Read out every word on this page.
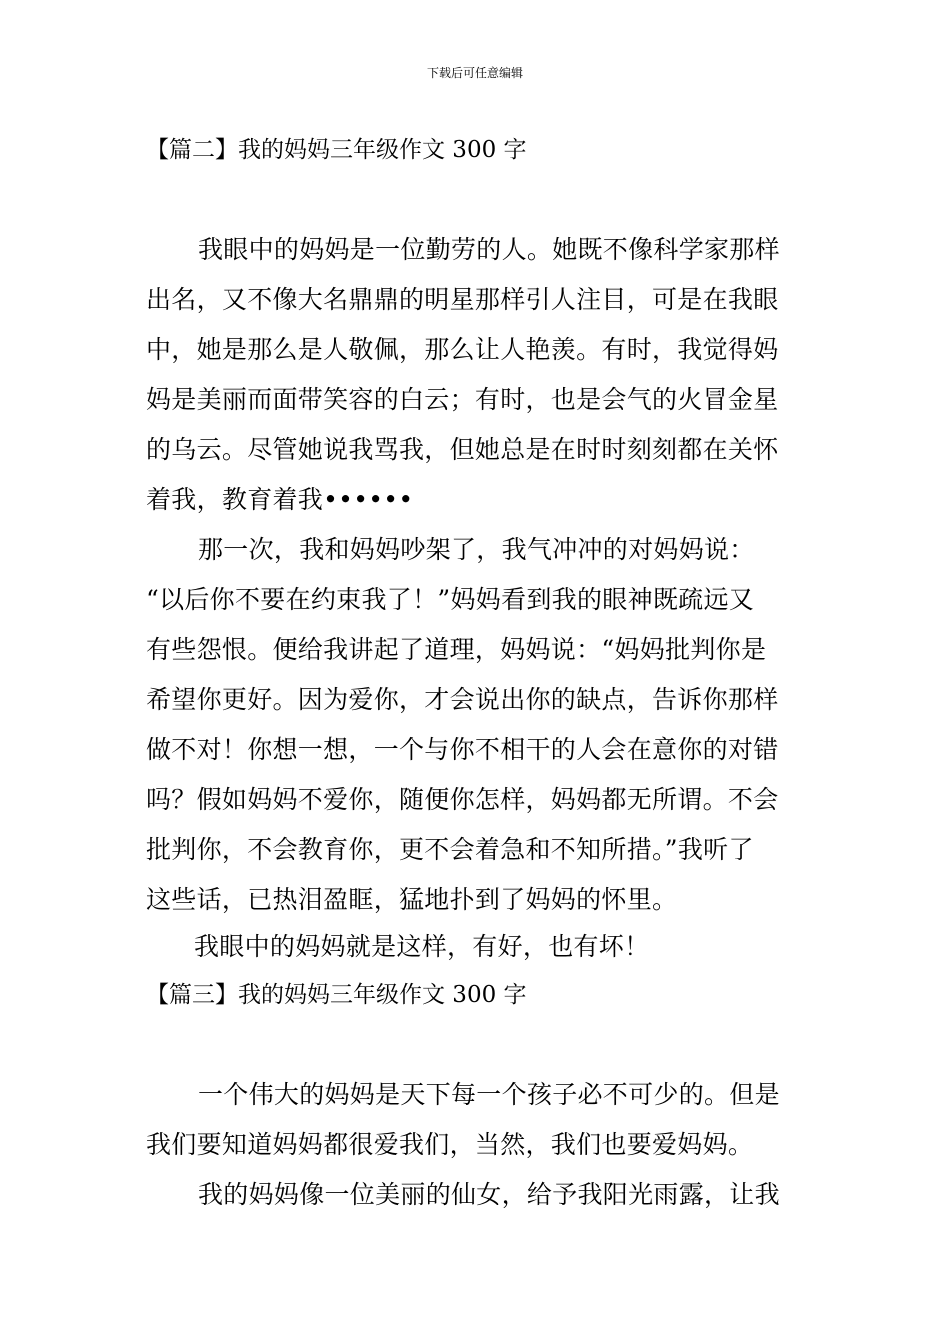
下载后可任意编辑
【篇二】我的妈妈三年级作文 300 字
我眼中的妈妈是一位勤劳的人。她既不像科学家那样
出名，又不像大名鼎鼎的明星那样引人注目，可是在我眼
中，她是那么是人敬佩，那么让人艳羡。有时，我觉得妈
妈是美丽而面带笑容的白云；有时，也是会气的火冒金星
的乌云。尽管她说我骂我，但她总是在时时刻刻都在关怀
着我，教育着我••••••
那一次，我和妈妈吵架了，我气冲冲的对妈妈说：
“以后你不要在约束我了！”妈妈看到我的眼神既疏远又
有些怨恨。便给我讲起了道理，妈妈说：“妈妈批判你是
希望你更好。因为爱你，才会说出你的缺点，告诉你那样
做不对！你想一想，一个与你不相干的人会在意你的对错
吗？假如妈妈不爱你，随便你怎样，妈妈都无所谓。不会
批判你，不会教育你，更不会着急和不知所措。”我听了
这些话，已热泪盈眶，猛地扑到了妈妈的怀里。
我眼中的妈妈就是这样，有好，也有坏！
【篇三】我的妈妈三年级作文 300 字
一个伟大的妈妈是天下每一个孩子必不可少的。但是
我们要知道妈妈都很爱我们，当然，我们也要爱妈妈。
我的妈妈像一位美丽的仙女，给予我阳光雨露，让我
